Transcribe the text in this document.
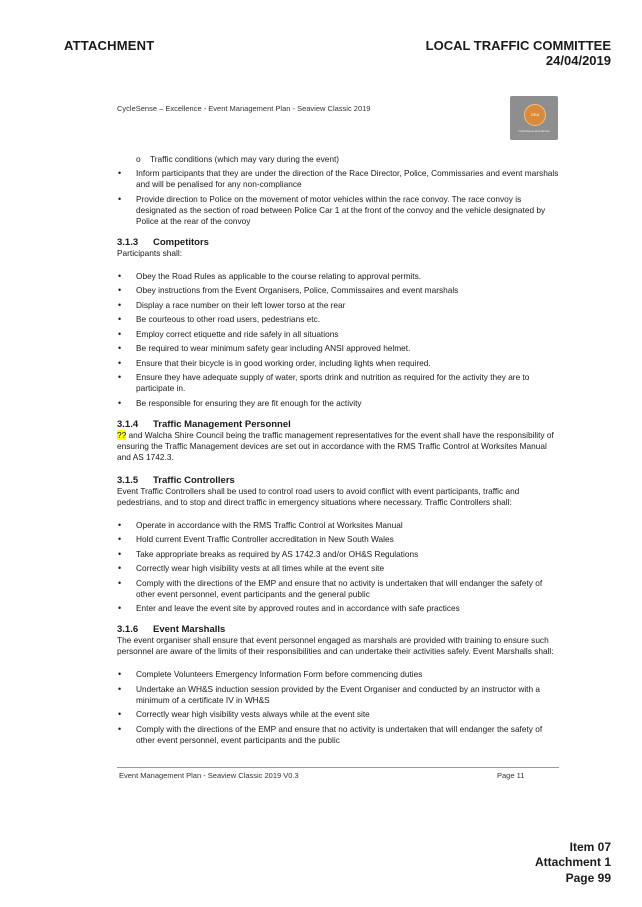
ATTACHMENT	LOCAL TRAFFIC COMMITTEE
24/04/2019
CycleSense – Excellence - Event Management Plan - Seaview Classic 2019
GEA
CycleSense Excellence
o	Traffic conditions (which may vary during the event)
• Inform participants that they are under the direction of the Race Director, Police, Commissaries and event marshals and will be penalised for any non-compliance
• Provide direction to Police on the movement of motor vehicles within the race convoy. The race convoy is designated as the section of road between Police Car 1 at the front of the convoy and the vehicle designated by Police at the rear of the convoy
3.1.3	Competitors

Participants shall:

• Obey the Road Rules as applicable to the course relating to approval permits.
• Obey instructions from the Event Organisers, Police, Commissaires and event marshals
• Display a race number on their left lower torso at the rear
• Be courteous to other road users, pedestrians etc.
• Employ correct etiquette and ride safely in all situations
• Be required to wear minimum safety gear including ANSI approved helmet.
• Ensure that their bicycle is in good working order, including lights when required.
• Ensure they have adequate supply of water, sports drink and nutrition as required for the activity they are to participate in.
• Be responsible for ensuring they are fit enough for the activity
3.1.4	Traffic Management Personnel

?? and Walcha Shire Council being the traffic management representatives for the event shall have the responsibility of ensuring the Traffic Management devices are set out in accordance with the RMS Traffic Control at Worksites Manual and AS 1742.3.

3.1.5	Traffic Controllers

Event Traffic Controllers shall be used to control road users to avoid conflict with event participants, traffic and pedestrians, and to stop and direct traffic in emergency situations where necessary. Traffic Controllers shall:

• Operate in accordance with the RMS Traffic Control at Worksites Manual
• Hold current Event Traffic Controller accreditation in New South Wales
• Take appropriate breaks as required by AS 1742.3 and/or OH&S Regulations
• Correctly wear high visibility vests at all times while at the event site
• Comply with the directions of the EMP and ensure that no activity is undertaken that will endanger the safety of other event personnel, event participants and the general public
• Enter and leave the event site by approved routes and in accordance with safe practices
3.1.6	Event Marshalls

The event organiser shall ensure that event personnel engaged as marshals are provided with training to ensure such personnel are aware of the limits of their responsibilities and can undertake their activities safely. Event Marshalls shall:

• Complete Volunteers Emergency Information Form before commencing duties
• Undertake an WH&S induction session provided by the Event Organiser and conducted by an instructor with a minimum of a certificate IV in WH&S
• Correctly wear high visibility vests always while at the event site
• Comply with the directions of the EMP and ensure that no activity is undertaken that will endanger the safety of other event personnel, event participants and the public
Event Management Plan - Seaview Classic 2019 V0.3	Page 11
Item 07
Attachment 1
Page 99
